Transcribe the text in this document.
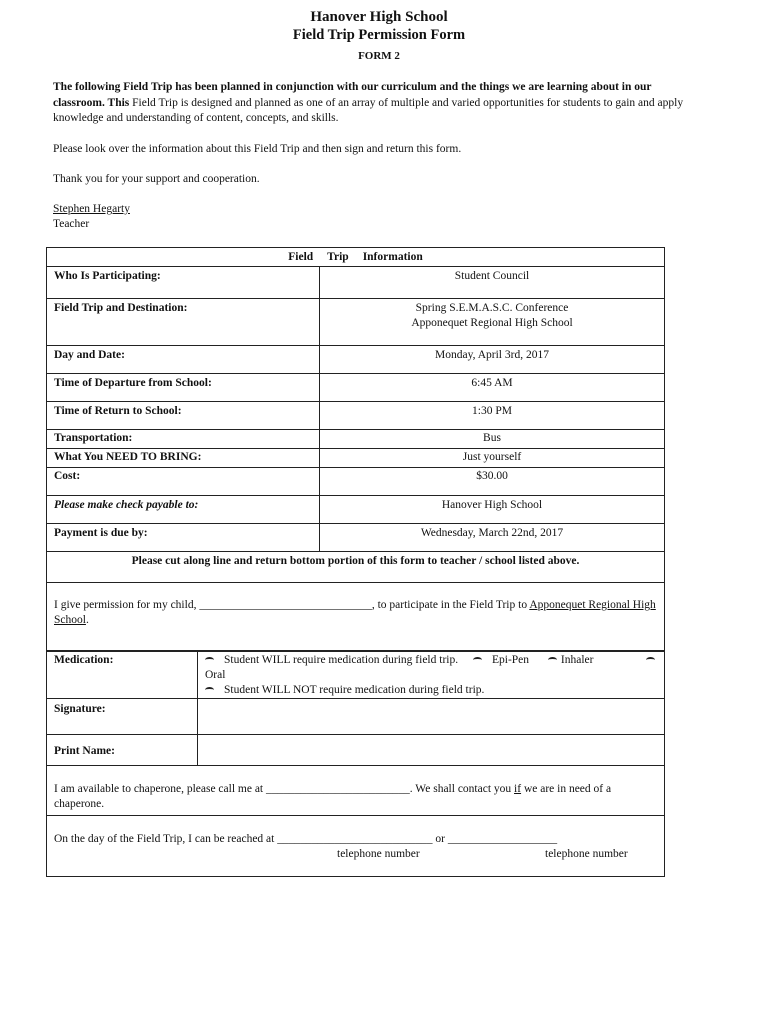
Hanover High School
Field Trip Permission Form
FORM 2
The following Field Trip has been planned in conjunction with our curriculum and the things we are learning about in our classroom. This Field Trip is designed and planned as one of an array of multiple and varied opportunities for students to gain and apply knowledge and understanding of content, concepts, and skills.
Please look over the information about this Field Trip and then sign and return this form.
Thank you for your support and cooperation.
Stephen Hegarty
Teacher
Field Trip Information	
Who Is Participating:	Student Council
Field Trip and Destination:	Spring S.E.M.A.S.C. Conference
Apponequet Regional High School

Day and Date:	Monday, April 3rd, 2017
Time of Departure from School:	6:45 AM
Time of Return to School:	1:30 PM
Transportation:	Bus
What You NEED TO BRING:	Just yourself
Cost:	$30.00
Please make check payable to:	Hanover High School
Payment is due by:	Wednesday, March 22nd, 2017
Please cut along line and return bottom portion of this form to teacher / school listed above.	
I give permission for my child, ______________________________, to participate in the Field Trip to Apponequet Regional High School.	
Medication:	Student WILL require medication during field trip. Epi-Pen Inhaler
Oral
Student WILL NOT require medication during field trip.

Signature:	
Print Name:	
I am available to chaperone, please call me at _________________________. We shall contact you if we are in need of a chaperone.	

On the day of the Field Trip, I can be reached at ___________________________ or ___________________
telephone number telephone number	
